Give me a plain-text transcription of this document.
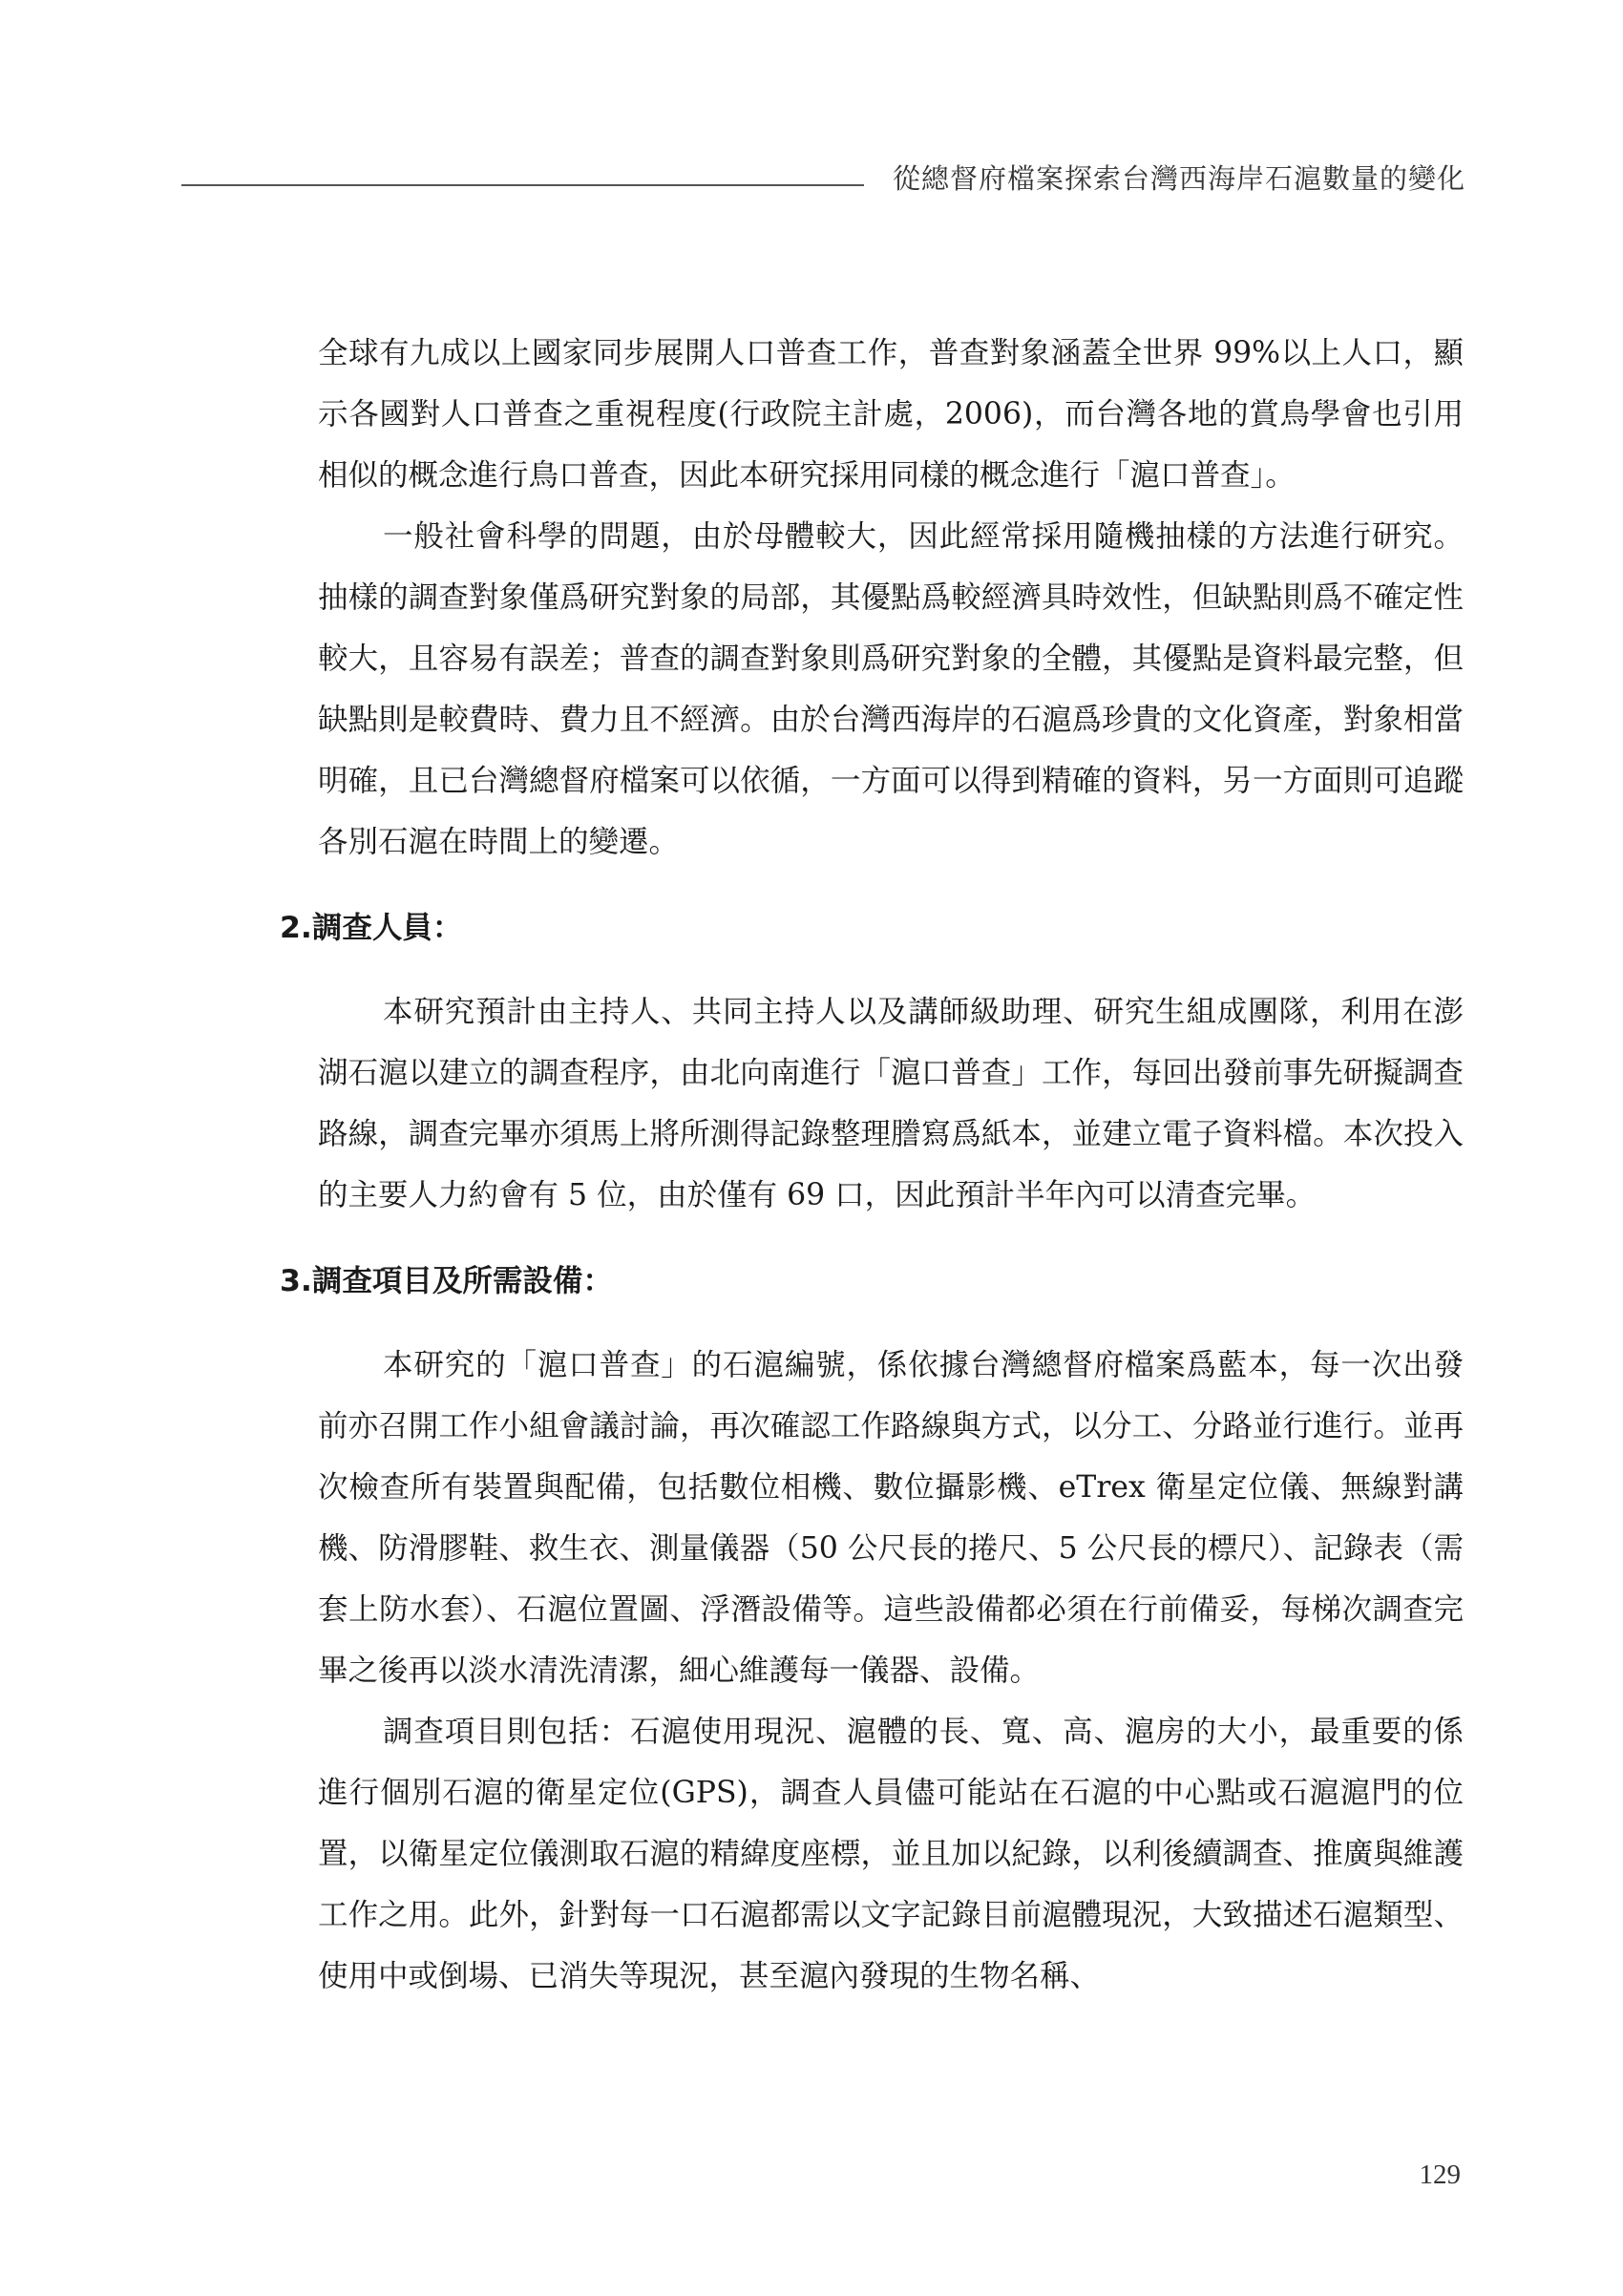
從總督府檔案探索台灣西海岸石滬數量的變化

全球有九成以上國家同步展開人口普查工作，普查對象涵蓋全世界 99%以上人口，顯示各國對人口普查之重視程度(行政院主計處，2006)，而台灣各地的賞鳥學會也引用相似的概念進行鳥口普查，因此本研究採用同樣的概念進行「滬口普查」。

一般社會科學的問題，由於母體較大，因此經常採用隨機抽樣的方法進行研究。抽樣的調查對象僅爲研究對象的局部，其優點爲較經濟具時效性，但缺點則爲不確定性較大，且容易有誤差；普查的調查對象則爲研究對象的全體，其優點是資料最完整，但缺點則是較費時、費力且不經濟。由於台灣西海岸的石滬爲珍貴的文化資產，對象相當明確，且已台灣總督府檔案可以依循，一方面可以得到精確的資料，另一方面則可追蹤各別石滬在時間上的變遷。

2.調查人員：

本研究預計由主持人、共同主持人以及講師級助理、研究生組成團隊，利用在澎湖石滬以建立的調查程序，由北向南進行「滬口普查」工作，每回出發前事先研擬調查路線，調查完畢亦須馬上將所測得記錄整理謄寫爲紙本，並建立電子資料檔。本次投入的主要人力約會有 5 位，由於僅有 69 口，因此預計半年內可以清查完畢。

3.調查項目及所需設備：

本研究的「滬口普查」的石滬編號，係依據台灣總督府檔案爲藍本，每一次出發前亦召開工作小組會議討論，再次確認工作路線與方式，以分工、分路並行進行。並再次檢查所有裝置與配備，包括數位相機、數位攝影機、eTrex 衛星定位儀、無線對講機、防滑膠鞋、救生衣、測量儀器（50 公尺長的捲尺、5 公尺長的標尺）、記錄表（需套上防水套）、石滬位置圖、浮潛設備等。這些設備都必須在行前備妥，每梯次調查完畢之後再以淡水清洗清潔，細心維護每一儀器、設備。

調查項目則包括：石滬使用現況、滬體的長、寬、高、滬房的大小，最重要的係進行個別石滬的衛星定位(GPS)，調查人員儘可能站在石滬的中心點或石滬滬門的位置，以衛星定位儀測取石滬的精緯度座標，並且加以紀錄，以利後續調查、推廣與維護工作之用。此外，針對每一口石滬都需以文字記錄目前滬體現況，大致描述石滬類型、使用中或倒場、已消失等現況，甚至滬內發現的生物名稱、

129
